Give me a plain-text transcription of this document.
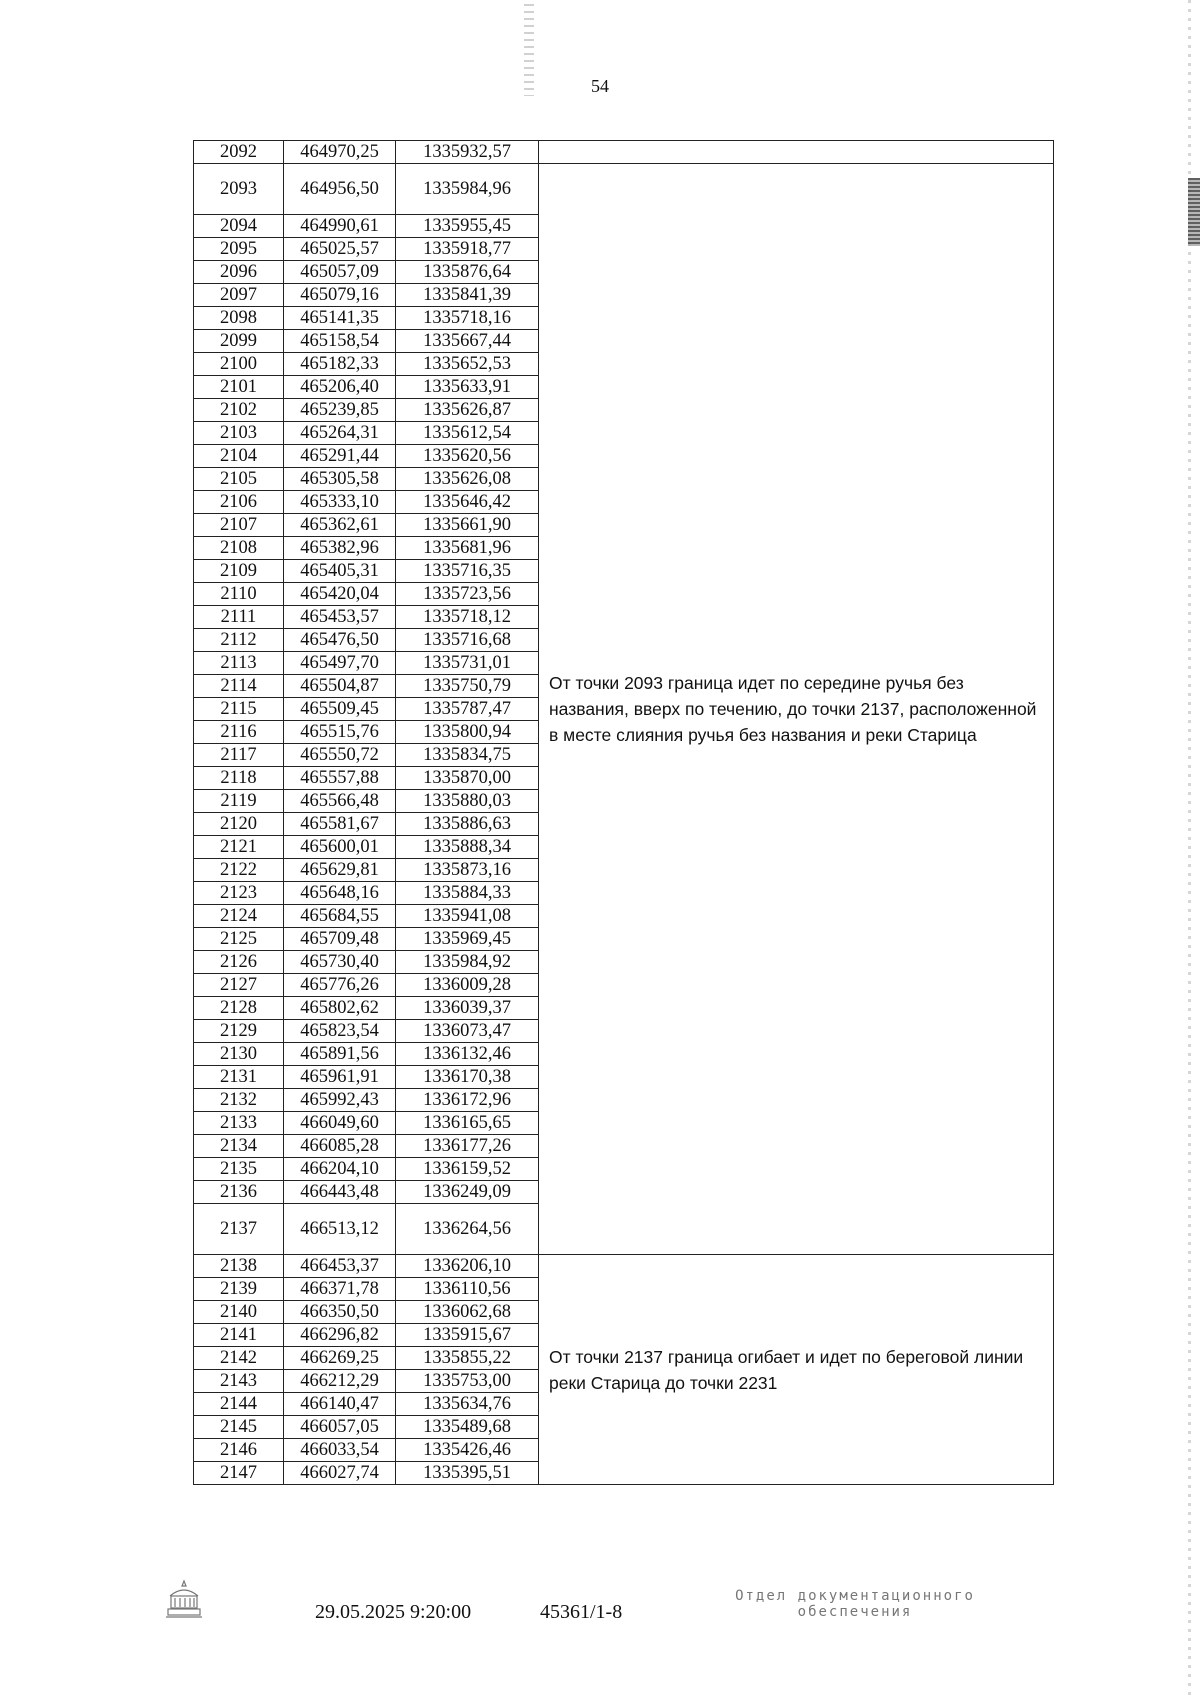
54
2092	464970,25	1335932,57	
2093	464956,50	1335984,96	От точки 2093 граница идет по середине ручья без названия, вверх по течению, до точки 2137, расположенной в месте слияния ручья без названия и реки Старица
2094	464990,61	1335955,45	
2095	465025,57	1335918,77	
2096	465057,09	1335876,64	
2097	465079,16	1335841,39	
2098	465141,35	1335718,16	
2099	465158,54	1335667,44	
2100	465182,33	1335652,53	
2101	465206,40	1335633,91	
2102	465239,85	1335626,87	
2103	465264,31	1335612,54	
2104	465291,44	1335620,56	
2105	465305,58	1335626,08	
2106	465333,10	1335646,42	
2107	465362,61	1335661,90	
2108	465382,96	1335681,96	
2109	465405,31	1335716,35	
2110	465420,04	1335723,56	
2111	465453,57	1335718,12	
2112	465476,50	1335716,68	
2113	465497,70	1335731,01	
2114	465504,87	1335750,79	
2115	465509,45	1335787,47	
2116	465515,76	1335800,94	
2117	465550,72	1335834,75	
2118	465557,88	1335870,00	
2119	465566,48	1335880,03	
2120	465581,67	1335886,63	
2121	465600,01	1335888,34	
2122	465629,81	1335873,16	
2123	465648,16	1335884,33	
2124	465684,55	1335941,08	
2125	465709,48	1335969,45	
2126	465730,40	1335984,92	
2127	465776,26	1336009,28	
2128	465802,62	1336039,37	
2129	465823,54	1336073,47	
2130	465891,56	1336132,46	
2131	465961,91	1336170,38	
2132	465992,43	1336172,96	
2133	466049,60	1336165,65	
2134	466085,28	1336177,26	
2135	466204,10	1336159,52	
2136	466443,48	1336249,09	
2137	466513,12	1336264,56	
2138	466453,37	1336206,10	От точки 2137 граница огибает и идет по береговой линии реки Старица до точки 2231
2139	466371,78	1336110,56	
2140	466350,50	1336062,68	
2141	466296,82	1335915,67	
2142	466269,25	1335855,22	
2143	466212,29	1335753,00	
2144	466140,47	1335634,76	
2145	466057,05	1335489,68	
2146	466033,54	1335426,46	
2147	466027,74	1335395,51	
29.05.2025 9:20:00	45361/1-8
Отдел документационного
обеспечения
